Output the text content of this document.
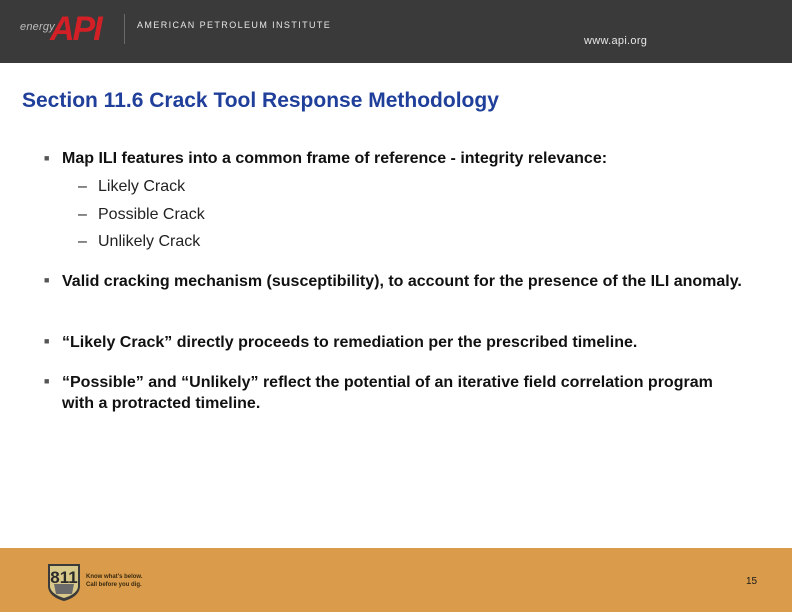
energy
API	AMERICAN PETROLEUM INSTITUTE
www.api.org
Section 11.6 Crack Tool Response Methodology
■ Map ILI features into a common frame of reference - integrity relevance:
– Likely Crack
– Possible Crack
– Unlikely Crack
■ Valid cracking mechanism (susceptibility), to account for the presence of the ILI anomaly.
■ “Likely Crack” directly proceeds to remediation per the prescribed timeline.
■ “Possible” and “Unlikely” reflect the potential of an iterative field correlation program with a protracted timeline.
811 Know what's below.
Call before you dig.	15
